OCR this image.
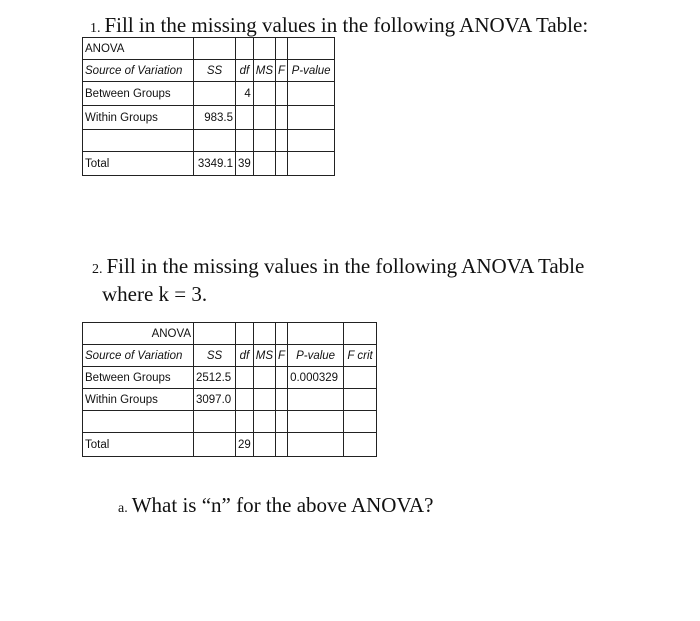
1. Fill in the missing values in the following ANOVA Table:
ANOVA					
Source of Variation	SS	df	MS	F	P-value
Between Groups		4			
Within Groups	983.5				

Total	3349.1	39			
2. Fill in the missing values in the following ANOVA Table
where k = 3.
ANOVA						
Source of Variation	SS	df	MS	F	P-value	F crit
Between Groups	2512.5				0.000329	
Within Groups	3097.0					

Total		29				
a. What is “n” for the above ANOVA?
